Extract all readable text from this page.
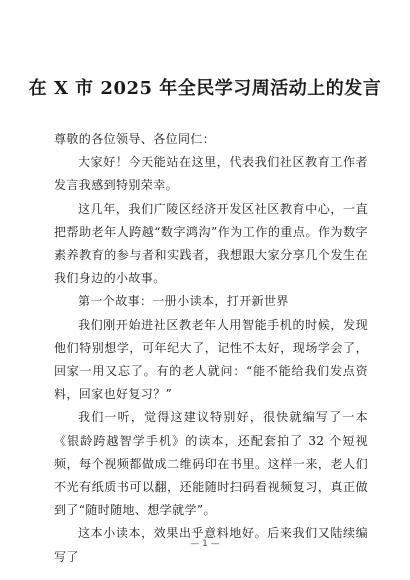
在 X 市 2025 年全民学习周活动上的发言

尊敬的各位领导、各位同仁：

大家好！今天能站在这里，代表我们社区教育工作者发言我感到特别荣幸。

这几年，我们广陵区经济开发区社区教育中心，一直把帮助老年人跨越“数字鸿沟”作为工作的重点。作为数字素养教育的参与者和实践者，我想跟大家分享几个发生在我们身边的小故事。

第一个故事：一册小读本，打开新世界

我们刚开始进社区教老年人用智能手机的时候，发现他们特别想学，可年纪大了，记性不太好，现场学会了，回家一用又忘了。有的老人就问：“能不能给我们发点资料，回家也好复习？”

我们一听，觉得这建议特别好，很快就编写了一本《银龄跨越智学手机》的读本，还配套拍了 32 个短视频，每个视频都做成二维码印在书里。这样一来，老人们不光有纸质书可以翻，还能随时扫码看视频复习，真正做到了“随时随地、想学就学”。

这本小读本，效果出乎意料地好。后来我们又陆续编写了

— 1 —
